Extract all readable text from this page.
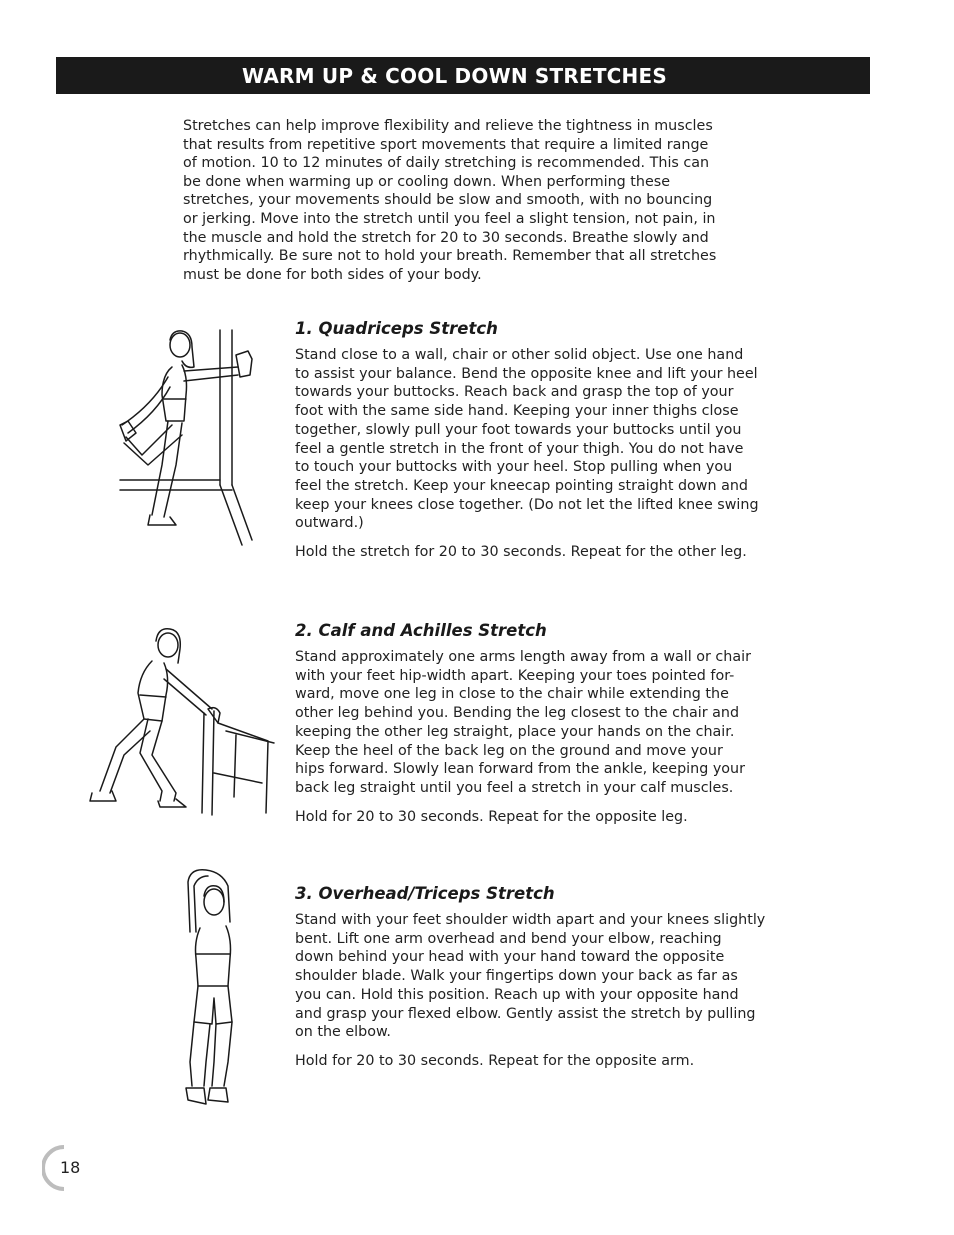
WARM UP & COOL DOWN STRETCHES

Stretches can help improve flexibility and relieve the tightness in muscles
that results from repetitive sport movements that require a limited range
of motion. 10 to 12 minutes of daily stretching is recommended. This can
be done when warming up or cooling down. When performing these
stretches, your movements should be slow and smooth, with no bouncing
or jerking. Move into the stretch until you feel a slight tension, not pain, in
the muscle and hold the stretch for 20 to 30 seconds. Breathe slowly and
rhythmically. Be sure not to hold your breath. Remember that all stretches
must be done for both sides of your body.

1. Quadriceps Stretch
Stand close to a wall, chair or other solid object. Use one hand
to assist your balance. Bend the opposite knee and lift your heel
towards your buttocks. Reach back and grasp the top of your
foot with the same side hand. Keeping your inner thighs close
together, slowly pull your foot towards your buttocks until you
feel a gentle stretch in the front of your thigh. You do not have
to touch your buttocks with your heel. Stop pulling when you
feel the stretch. Keep your kneecap pointing straight down and
keep your knees close together. (Do not let the lifted knee swing
outward.)
Hold the stretch for 20 to 30 seconds. Repeat for the other leg.
2. Calf and Achilles Stretch
Stand approximately one arms length away from a wall or chair
with your feet hip-width apart. Keeping your toes pointed for-
ward, move one leg in close to the chair while extending the
other leg behind you. Bending the leg closest to the chair and
keeping the other leg straight, place your hands on the chair.
Keep the heel of the back leg on the ground and move your
hips forward. Slowly lean forward from the ankle, keeping your
back leg straight until you feel a stretch in your calf muscles.
Hold for 20 to 30 seconds. Repeat for the opposite leg.
3. Overhead/Triceps Stretch
Stand with your feet shoulder width apart and your knees slightly
bent. Lift one arm overhead and bend your elbow, reaching
down behind your head with your hand toward the opposite
shoulder blade. Walk your fingertips down your back as far as
you can. Hold this position. Reach up with your opposite hand
and grasp your flexed elbow. Gently assist the stretch by pulling
on the elbow.
Hold for 20 to 30 seconds. Repeat for the opposite arm.
18
